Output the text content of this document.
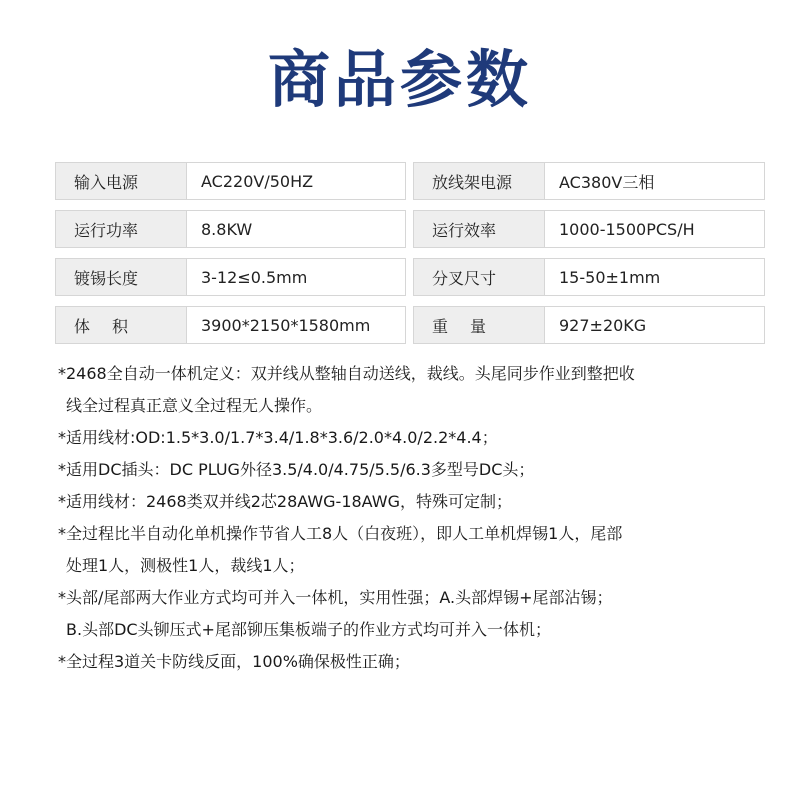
商品参数
输入电源	AC220V/50HZ	放线架电源	AC380V三相
运行功率	8.8KW	运行效率	1000-1500PCS/H
镀锡长度	3-12≤0.5mm	分叉尺寸	15-50±1mm
体积	3900*2150*1580mm	重量	927±20KG

*2468全自动一体机定义：双并线从整轴自动送线，裁线。头尾同步作业到整把收
线全过程真正意义全过程无人操作。

*适用线材:OD:1.5*3.0/1.7*3.4/1.8*3.6/2.0*4.0/2.2*4.4；

*适用DC插头：DC PLUG外径3.5/4.0/4.75/5.5/6.3多型号DC头；

*适用线材：2468类双并线2芯28AWG-18AWG，特殊可定制；

*全过程比半自动化单机操作节省人工8人（白夜班），即人工单机焊锡1人，尾部
处理1人，测极性1人，裁线1人；

*头部/尾部两大作业方式均可并入一体机，实用性强；A.头部焊锡+尾部沾锡；
B.头部DC头铆压式+尾部铆压集板端子的作业方式均可并入一体机；

*全过程3道关卡防线反面，100%确保极性正确；
